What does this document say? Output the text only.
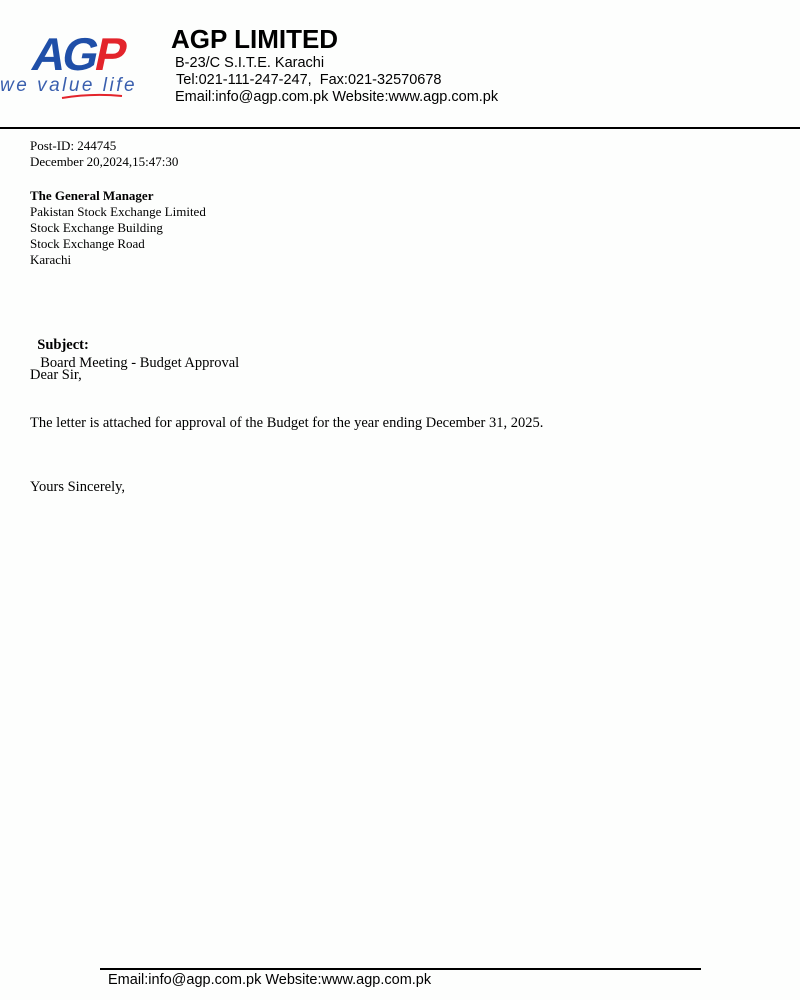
AG
P
we value life
AGP LIMITED
B-23/C S.I.T.E. Karachi
Tel:021-111-247-247,  Fax:021-32570678
Email:info@agp.com.pk Website:www.agp.com.pk
Post-ID: 244745
December 20,2024,15:47:30
The General Manager
Pakistan Stock Exchange Limited
Stock Exchange Building
Stock Exchange Road
Karachi

Subject:
Board Meeting - Budget Approval

Dear Sir,
The letter is attached for approval of the Budget for the year ending December 31, 2025.
Yours Sincerely,
Email:info@agp.com.pk Website:www.agp.com.pk
